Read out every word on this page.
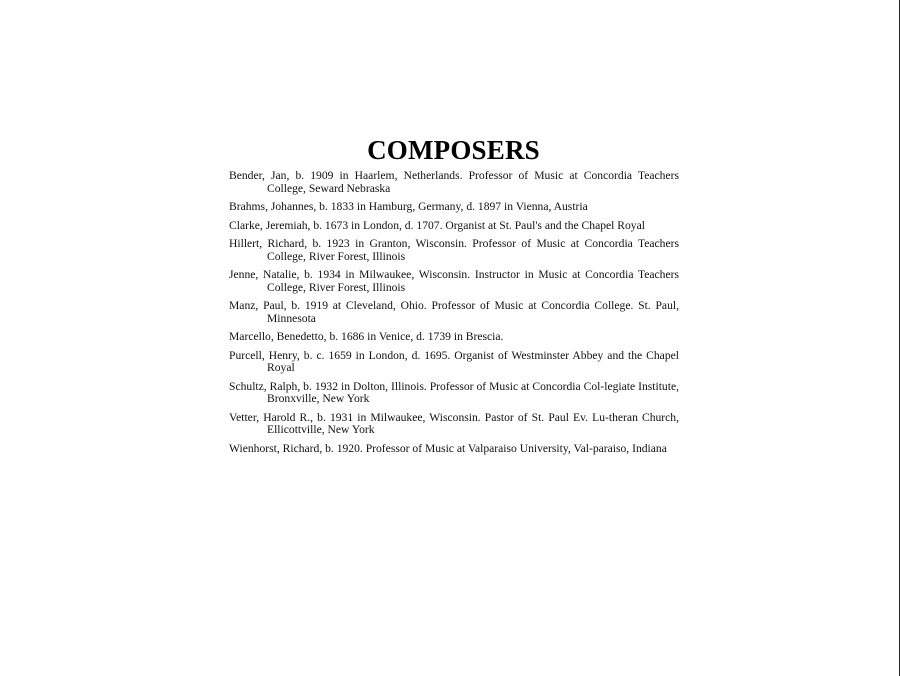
COMPOSERS
Bender, Jan, b. 1909 in Haarlem, Netherlands. Professor of Music at Concordia Teachers College, Seward Nebraska
Brahms, Johannes, b. 1833 in Hamburg, Germany, d. 1897 in Vienna, Austria
Clarke, Jeremiah, b. 1673 in London, d. 1707. Organist at St. Paul's and the Chapel Royal
Hillert, Richard, b. 1923 in Granton, Wisconsin. Professor of Music at Concordia Teachers College, River Forest, Illinois
Jenne, Natalie, b. 1934 in Milwaukee, Wisconsin. Instructor in Music at Concordia Teachers College, River Forest, Illinois
Manz, Paul, b. 1919 at Cleveland, Ohio. Professor of Music at Concordia College. St. Paul, Minnesota
Marcello, Benedetto, b. 1686 in Venice, d. 1739 in Brescia.
Purcell, Henry, b. c. 1659 in London, d. 1695. Organist of Westminster Abbey and the Chapel Royal
Schultz, Ralph, b. 1932 in Dolton, Illinois. Professor of Music at Concordia Col-legiate Institute, Bronxville, New York
Vetter, Harold R., b. 1931 in Milwaukee, Wisconsin. Pastor of St. Paul Ev. Lu-theran Church, Ellicottville, New York
Wienhorst, Richard, b. 1920. Professor of Music at Valparaiso University, Val-paraiso, Indiana
